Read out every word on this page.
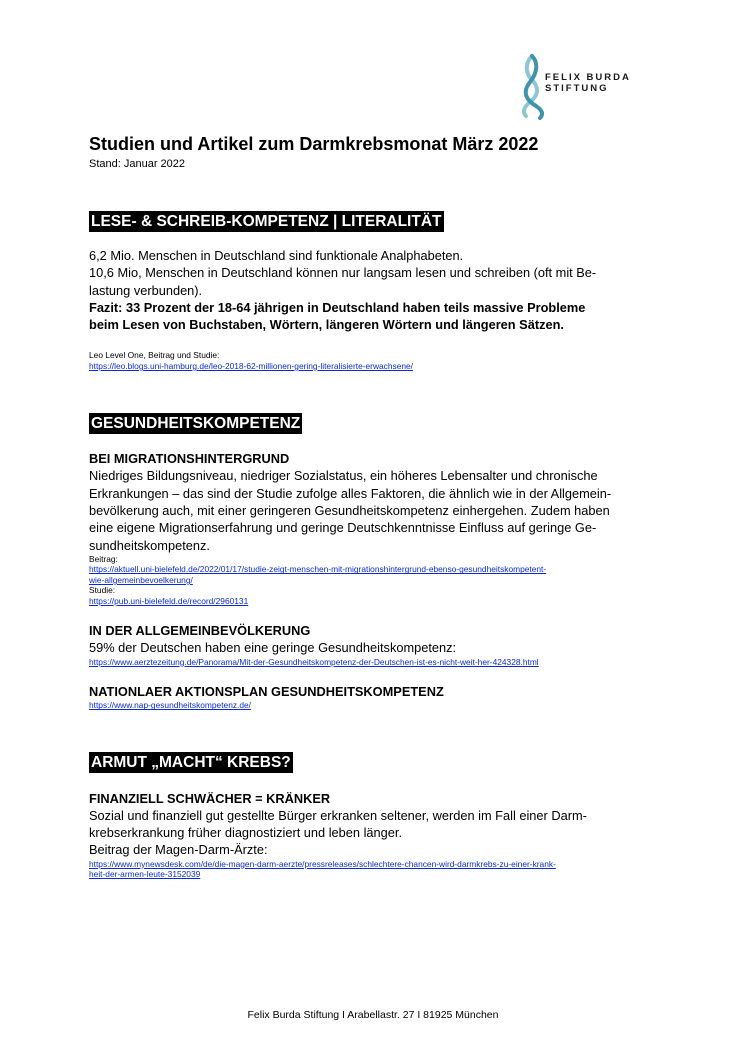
FELIX BURDA
STIFTUNG
Studien und Artikel zum Darmkrebsmonat März 2022

Stand: Januar 2022

LESE- & SCHREIB-KOMPETENZ | LITERALITÄT

6,2 Mio. Menschen in Deutschland sind funktionale Analphabeten.

10,6 Mio, Menschen in Deutschland können nur langsam lesen und schreiben (oft mit Be-

lastung verbunden).

Fazit: 33 Prozent der 18-64 jährigen in Deutschland haben teils massive Probleme

beim Lesen von Buchstaben, Wörtern, längeren Wörtern und längeren Sätzen.

Leo Level One, Beitrag und Studie:

https://leo.blogs.uni-hamburg.de/leo-2018-62-millionen-gering-literalisierte-erwachsene/
GESUNDHEITSKOMPETENZ

BEI MIGRATIONSHINTERGRUND

Niedriges Bildungsniveau, niedriger Sozialstatus, ein höheres Lebensalter und chronische

Erkrankungen – das sind der Studie zufolge alles Faktoren, die ähnlich wie in der Allgemein-

bevölkerung auch, mit einer geringeren Gesundheitskompetenz einhergehen. Zudem haben

eine eigene Migrationserfahrung und geringe Deutschkenntnisse Einfluss auf geringe Ge-

sundheitskompetenz.

Beitrag:

https://aktuell.uni-bielefeld.de/2022/01/17/studie-zeigt-menschen-mit-migrationshintergrund-ebenso-gesundheitskompetent-
wie-allgemeinbevoelkerung/

Studie:

https://pub.uni-bielefeld.de/record/2960131

IN DER ALLGEMEINBEVÖLKERUNG

59% der Deutschen haben eine geringe Gesundheitskompetenz:

https://www.aerztezeitung.de/Panorama/Mit-der-Gesundheitskompetenz-der-Deutschen-ist-es-nicht-weit-her-424328.html

NATIONLAER AKTIONSPLAN GESUNDHEITSKOMPETENZ

https://www.nap-gesundheitskompetenz.de/
ARMUT „MACHT“ KREBS?

FINANZIELL SCHWÄCHER = KRÄNKER

Sozial und finanziell gut gestellte Bürger erkranken seltener, werden im Fall einer Darm-

krebserkrankung früher diagnostiziert und leben länger.

Beitrag der Magen-Darm-Ärzte:

https://www.mynewsdesk.com/de/die-magen-darm-aerzte/pressreleases/schlechtere-chancen-wird-darmkrebs-zu-einer-krank-
heit-der-armen-leute-3152039
Felix Burda Stiftung I Arabellastr. 27 I 81925 München
